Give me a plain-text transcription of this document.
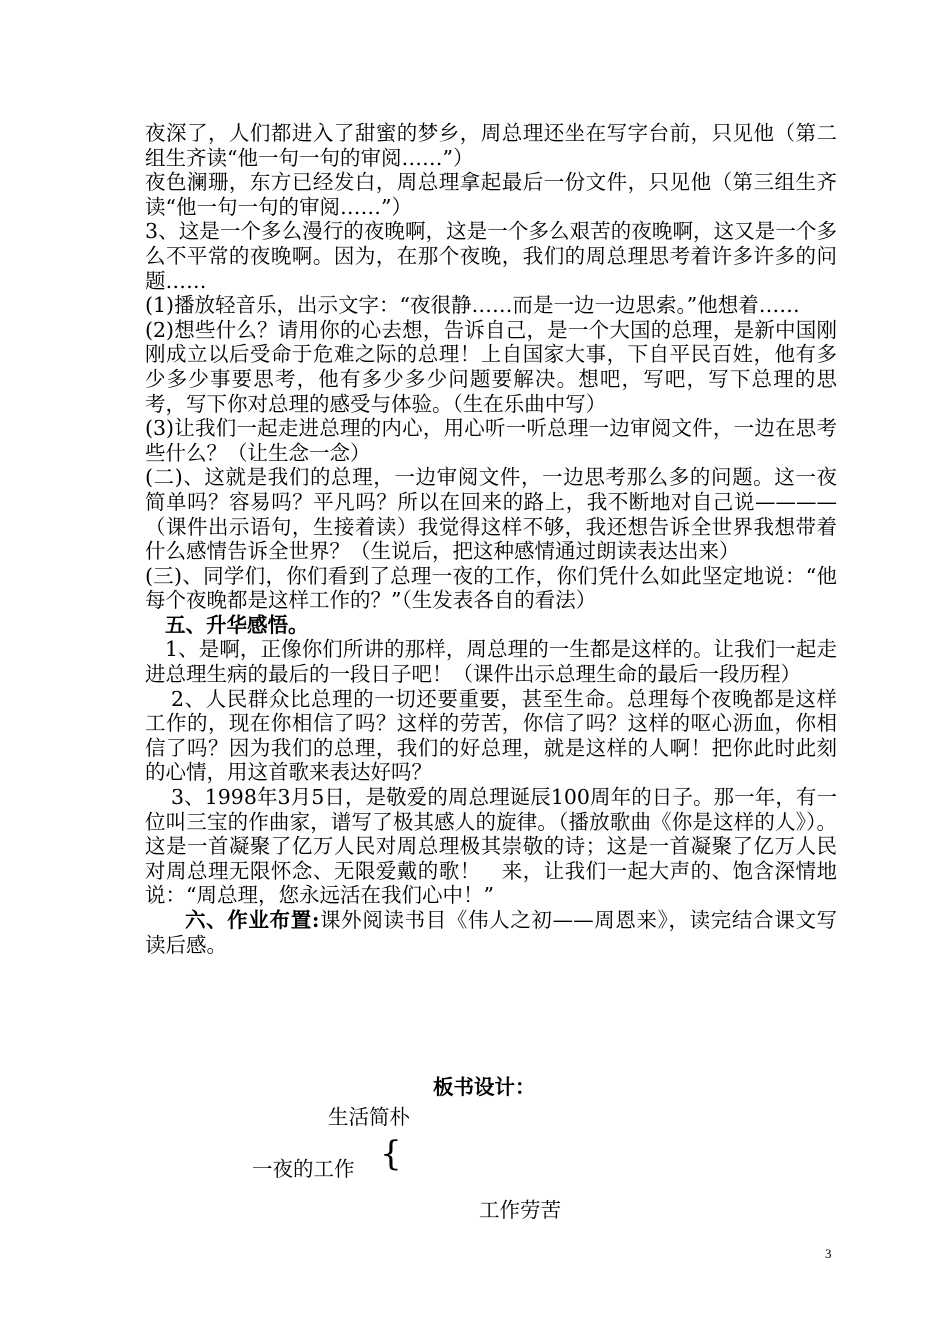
夜深了，人们都进入了甜蜜的梦乡，周总理还坐在写字台前，只见他（第二组生齐读“他一句一句的审阅……”）

夜色澜珊，东方已经发白，周总理拿起最后一份文件，只见他（第三组生齐读“他一句一句的审阅……”）

3、这是一个多么漫行的夜晚啊，这是一个多么艰苦的夜晚啊，这又是一个多么不平常的夜晚啊。因为，在那个夜晚，我们的周总理思考着许多许多的问题……

(1)播放轻音乐，出示文字：“夜很静……而是一边一边思索。”他想着……

(2)想些什么？请用你的心去想，告诉自己，是一个大国的总理，是新中国刚刚成立以后受命于危难之际的总理！上自国家大事，下自平民百姓，他有多少多少事要思考，他有多少多少问题要解决。想吧，写吧，写下总理的思考，写下你对总理的感受与体验。（生在乐曲中写）

(3)让我们一起走进总理的内心，用心听一听总理一边审阅文件，一边在思考些什么？（让生念一念）

(二)、这就是我们的总理，一边审阅文件，一边思考那么多的问题。这一夜简单吗？容易吗？平凡吗？所以在回来的路上，我不断地对自己说————（课件出示语句，生接着读）我觉得这样不够，我还想告诉全世界我想带着什么感情告诉全世界？（生说后，把这种感情通过朗读表达出来）

(三)、同学们，你们看到了总理一夜的工作，你们凭什么如此坚定地说：“他每个夜晚都是这样工作的？”（生发表各自的看法）

五、升华感悟。

1、是啊，正像你们所讲的那样，周总理的一生都是这样的。让我们一起走进总理生病的最后的一段日子吧！（课件出示总理生命的最后一段历程）

2、人民群众比总理的一切还要重要，甚至生命。总理每个夜晚都是这样工作的，现在你相信了吗？这样的劳苦，你信了吗？这样的呕心沥血，你相信了吗？因为我们的总理，我们的好总理，就是这样的人啊！把你此时此刻的心情，用这首歌来表达好吗？

3、1998年3月5日，是敬爱的周总理诞辰100周年的日子。那一年，有一位叫三宝的作曲家，谱写了极其感人的旋律。（播放歌曲《你是这样的人》）。这是一首凝聚了亿万人民对周总理极其崇敬的诗；这是一首凝聚了亿万人民对周总理无限怀念、无限爱戴的歌！　来，让我们一起大声的、饱含深情地说：“周总理，您永远活在我们心中！”

六、作业布置:课外阅读书目《伟人之初——周恩来》，读完结合课文写读后感。

板书设计：
生活简朴
一夜的工作 {
工作劳苦
3
